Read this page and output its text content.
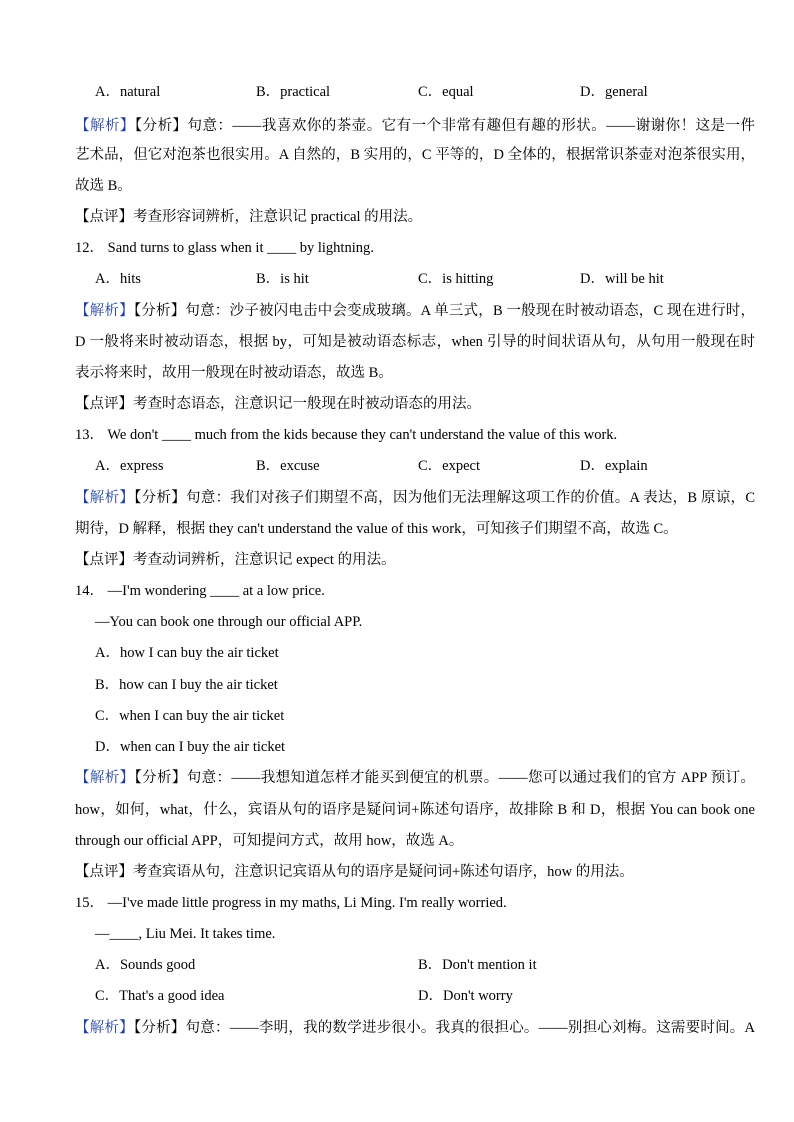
A．natural	B．practical	C．equal	D．general
【解析】【分析】句意：——我喜欢你的茶壶。它有一个非常有趣但有趣的形状。——谢谢你！这是一件
艺术品，但它对泡茶也很实用。A 自然的，B 实用的，C 平等的，D 全体的，根据常识茶壶对泡茶很实用，
故选 B。
【点评】考查形容词辨析，注意识记 practical 的用法。
12． Sand turns to glass when it ____ by lightning.
A．hits	B．is hit	C．is hitting	D．will be hit
【解析】【分析】句意：沙子被闪电击中会变成玻璃。A 单三式，B 一般现在时被动语态，C 现在进行时，
D 一般将来时被动语态，根据 by，可知是被动语态标志，when 引导的时间状语从句，从句用一般现在时
表示将来时，故用一般现在时被动语态，故选 B。
【点评】考查时态语态，注意识记一般现在时被动语态的用法。
13． We don't ____ much from the kids because they can't understand the value of this work.
A．express	B．excuse	C．expect	D．explain
【解析】【分析】句意：我们对孩子们期望不高，因为他们无法理解这项工作的价值。A 表达，B 原谅，C
期待，D 解释，根据 they can't understand the value of this work，可知孩子们期望不高，故选 C。
【点评】考查动词辨析，注意识记 expect 的用法。
14． —I'm wondering ____ at a low price.
—You can book one through our official APP.
A．how I can buy the air ticket
B．how can I buy the air ticket
C．when I can buy the air ticket
D．when can I buy the air ticket
【解析】【分析】句意：——我想知道怎样才能买到便宜的机票。——您可以通过我们的官方 APP 预订。
how，如何，what，什么，宾语从句的语序是疑问词+陈述句语序，故排除 B 和 D，根据 You can book one
through our official APP，可知提问方式，故用 how，故选 A。
【点评】考查宾语从句，注意识记宾语从句的语序是疑问词+陈述句语序，how 的用法。
15． —I've made little progress in my maths, Li Ming. I'm really worried.
—____, Liu Mei. It takes time.
A．Sounds good	B．Don't mention it
C．That's a good idea	D．Don't worry
【解析】【分析】句意：——李明，我的数学进步很小。我真的很担心。——别担心刘梅。这需要时间。A
